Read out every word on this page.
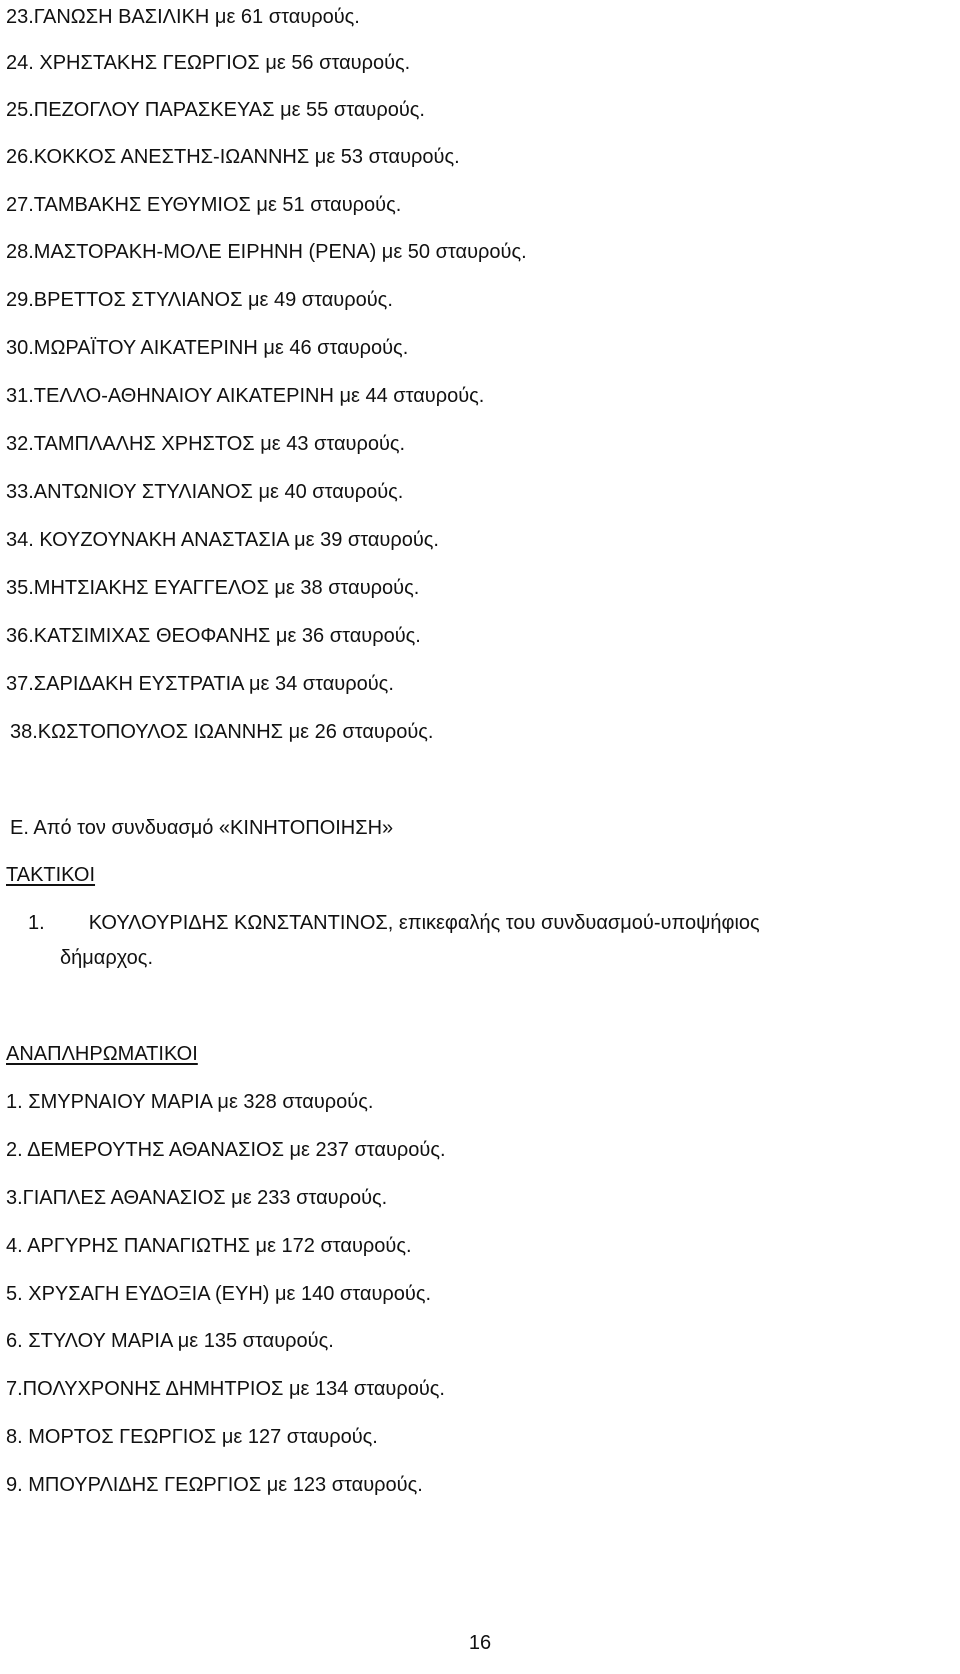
23.ΓΑΝΩΣΗ ΒΑΣΙΛΙΚΗ με 61 σταυρούς.
24. ΧΡΗΣΤΑΚΗΣ ΓΕΩΡΓΙΟΣ με 56 σταυρούς.
25.ΠΕΖΟΓΛΟΥ ΠΑΡΑΣΚΕΥΑΣ με 55 σταυρούς.
26.ΚΟΚΚΟΣ ΑΝΕΣΤΗΣ-ΙΩΑΝΝΗΣ με 53 σταυρούς.
27.ΤΑΜΒΑΚΗΣ ΕΥΘΥΜΙΟΣ με 51 σταυρούς.
28.ΜΑΣΤΟΡΑΚΗ-ΜΟΛΕ ΕΙΡΗΝΗ (ΡΕΝΑ) με 50 σταυρούς.
29.ΒΡΕΤΤΟΣ ΣΤΥΛΙΑΝΟΣ με 49 σταυρούς.
30.ΜΩΡΑΪΤΟΥ ΑΙΚΑΤΕΡΙΝΗ με 46 σταυρούς.
31.ΤΕΛΛΟ-ΑΘΗΝΑΙΟΥ ΑΙΚΑΤΕΡΙΝΗ με 44 σταυρούς.
32.ΤΑΜΠΛΑΛΗΣ ΧΡΗΣΤΟΣ με 43 σταυρούς.
33.ΑΝΤΩΝΙΟΥ ΣΤΥΛΙΑΝΟΣ με 40 σταυρούς.
34. ΚΟΥΖΟΥΝΑΚΗ ΑΝΑΣΤΑΣΙΑ με 39 σταυρούς.
35.ΜΗΤΣΙΑΚΗΣ ΕΥΑΓΓΕΛΟΣ με 38 σταυρούς.
36.ΚΑΤΣΙΜΙΧΑΣ ΘΕΟΦΑΝΗΣ με 36 σταυρούς.
37.ΣΑΡΙΔΑΚΗ ΕΥΣΤΡΑΤΙΑ με 34 σταυρούς.
38.ΚΩΣΤΟΠΟΥΛΟΣ ΙΩΑΝΝΗΣ με 26 σταυρούς.
Ε. Από τον συνδυασμό «ΚΙΝΗΤΟΠΟΙΗΣΗ»
ΤΑΚΤΙΚΟΙ
1. ΚΟΥΛΟΥΡΙΔΗΣ ΚΩΝΣΤΑΝΤΙΝΟΣ, επικεφαλής του συνδυασμού-υποψήφιος
δήμαρχος.
ΑΝΑΠΛΗΡΩΜΑΤΙΚΟΙ
1. ΣΜΥΡΝΑΙΟΥ ΜΑΡΙΑ με 328 σταυρούς.
2. ΔΕΜΕΡΟΥΤΗΣ ΑΘΑΝΑΣΙΟΣ με 237 σταυρούς.
3.ΓΙΑΠΛΕΣ ΑΘΑΝΑΣΙΟΣ με 233 σταυρούς.
4. ΑΡΓΥΡΗΣ ΠΑΝΑΓΙΩΤΗΣ με 172 σταυρούς.
5. ΧΡΥΣΑΓΗ ΕΥΔΟΞΙΑ (ΕΥΗ) με 140 σταυρούς.
6. ΣΤΥΛΟΥ ΜΑΡΙΑ με 135 σταυρούς.
7.ΠΟΛΥΧΡΟΝΗΣ ΔΗΜΗΤΡΙΟΣ με 134 σταυρούς.
8. ΜΟΡΤΟΣ ΓΕΩΡΓΙΟΣ με 127 σταυρούς.
9. ΜΠΟΥΡΛΙΔΗΣ ΓΕΩΡΓΙΟΣ με 123 σταυρούς.
16
